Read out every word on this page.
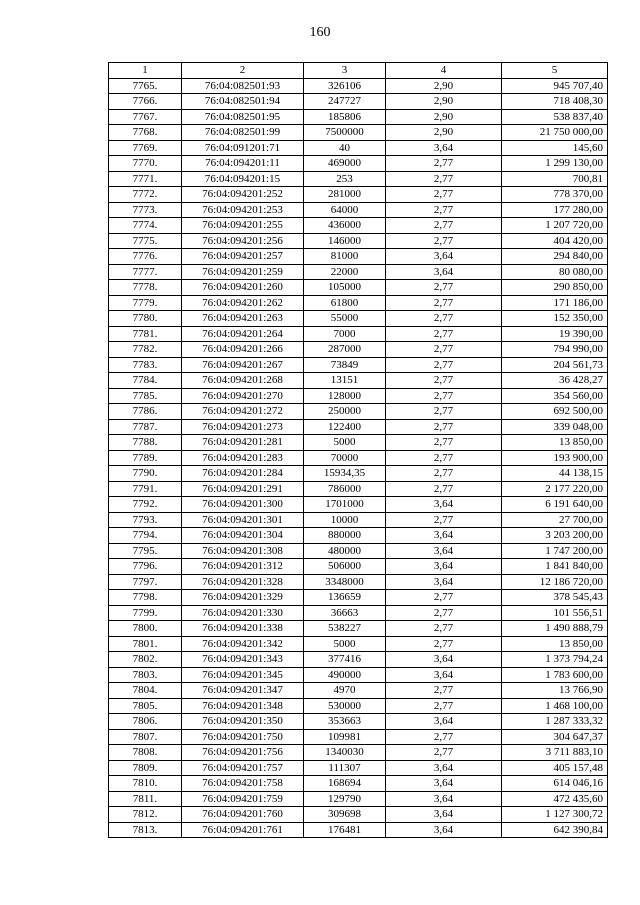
160
1	2	3	4	5
7765.	76:04:082501:93	326106	2,90	945 707,40
7766.	76:04:082501:94	247727	2,90	718 408,30
7767.	76:04:082501:95	185806	2,90	538 837,40
7768.	76:04:082501:99	7500000	2,90	21 750 000,00
7769.	76:04:091201:71	40	3,64	145,60
7770.	76:04:094201:11	469000	2,77	1 299 130,00
7771.	76:04:094201:15	253	2,77	700,81
7772.	76:04:094201:252	281000	2,77	778 370,00
7773.	76:04:094201:253	64000	2,77	177 280,00
7774.	76:04:094201:255	436000	2,77	1 207 720,00
7775.	76:04:094201:256	146000	2,77	404 420,00
7776.	76:04:094201:257	81000	3,64	294 840,00
7777.	76:04:094201:259	22000	3,64	80 080,00
7778.	76:04:094201:260	105000	2,77	290 850,00
7779.	76:04:094201:262	61800	2,77	171 186,00
7780.	76:04:094201:263	55000	2,77	152 350,00
7781.	76:04:094201:264	7000	2,77	19 390,00
7782.	76:04:094201:266	287000	2,77	794 990,00
7783.	76:04:094201:267	73849	2,77	204 561,73
7784.	76:04:094201:268	13151	2,77	36 428,27
7785.	76:04:094201:270	128000	2,77	354 560,00
7786.	76:04:094201:272	250000	2,77	692 500,00
7787.	76:04:094201:273	122400	2,77	339 048,00
7788.	76:04:094201:281	5000	2,77	13 850,00
7789.	76:04:094201:283	70000	2,77	193 900,00
7790.	76:04:094201:284	15934,35	2,77	44 138,15
7791.	76:04:094201:291	786000	2,77	2 177 220,00
7792.	76:04:094201:300	1701000	3,64	6 191 640,00
7793.	76:04:094201:301	10000	2,77	27 700,00
7794.	76:04:094201:304	880000	3,64	3 203 200,00
7795.	76:04:094201:308	480000	3,64	1 747 200,00
7796.	76:04:094201:312	506000	3,64	1 841 840,00
7797.	76:04:094201:328	3348000	3,64	12 186 720,00
7798.	76:04:094201:329	136659	2,77	378 545,43
7799.	76:04:094201:330	36663	2,77	101 556,51
7800.	76:04:094201:338	538227	2,77	1 490 888,79
7801.	76:04:094201:342	5000	2,77	13 850,00
7802.	76:04:094201:343	377416	3,64	1 373 794,24
7803.	76:04:094201:345	490000	3,64	1 783 600,00
7804.	76:04:094201:347	4970	2,77	13 766,90
7805.	76:04:094201:348	530000	2,77	1 468 100,00
7806.	76:04:094201:350	353663	3,64	1 287 333,32
7807.	76:04:094201:750	109981	2,77	304 647,37
7808.	76:04:094201:756	1340030	2,77	3 711 883,10
7809.	76:04:094201:757	111307	3,64	405 157,48
7810.	76:04:094201:758	168694	3,64	614 046,16
7811.	76:04:094201:759	129790	3,64	472 435,60
7812.	76:04:094201:760	309698	3,64	1 127 300,72
7813.	76:04:094201:761	176481	3,64	642 390,84
